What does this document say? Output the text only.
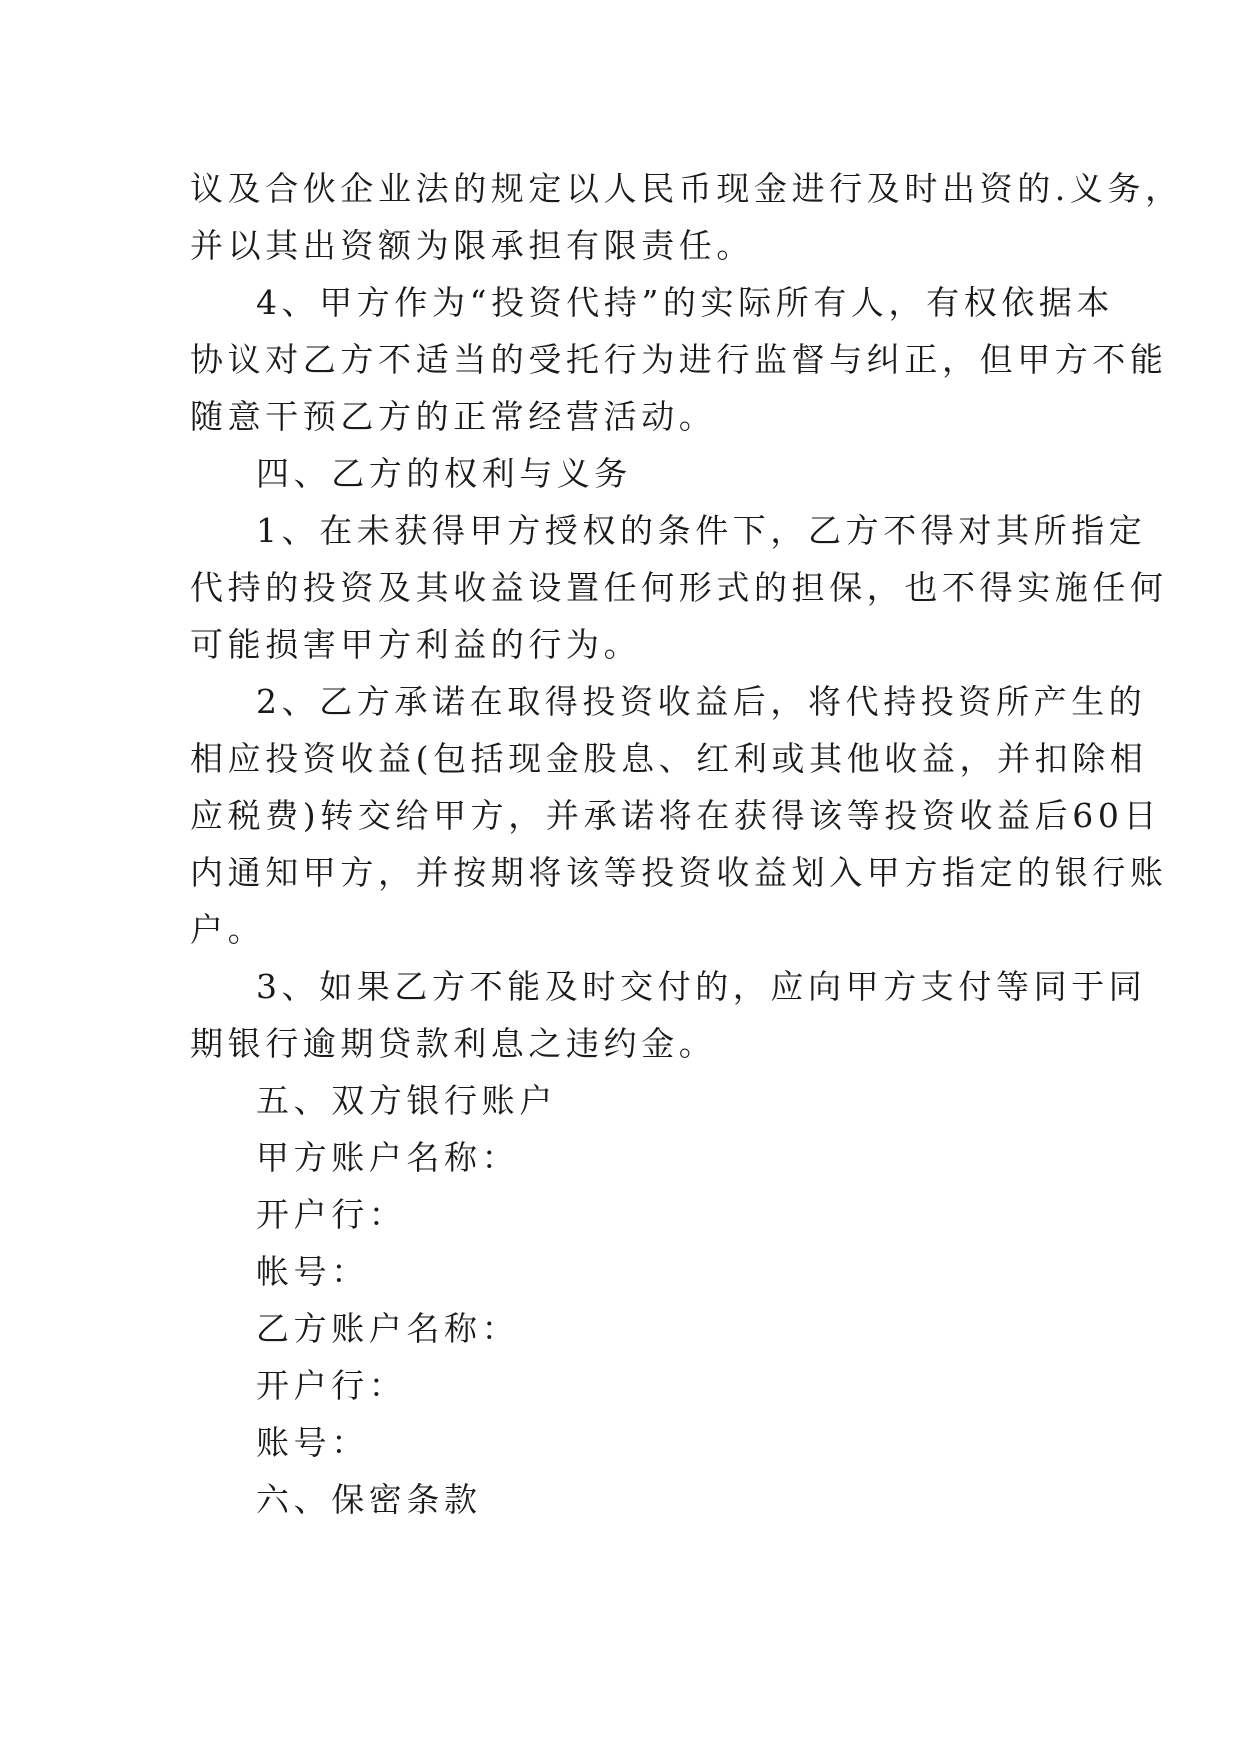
议及合伙企业法的规定以人民币现金进行及时出资的.义务，
并以其出资额为限承担有限责任。
4、甲方作为“投资代持”的实际所有人，有权依据本
协议对乙方不适当的受托行为进行监督与纠正，但甲方不能
随意干预乙方的正常经营活动。
四、乙方的权利与义务
1、在未获得甲方授权的条件下，乙方不得对其所指定
代持的投资及其收益设置任何形式的担保，也不得实施任何
可能损害甲方利益的行为。
2、乙方承诺在取得投资收益后，将代持投资所产生的
相应投资收益(包括现金股息、红利或其他收益，并扣除相
应税费)转交给甲方，并承诺将在获得该等投资收益后60日
内通知甲方，并按期将该等投资收益划入甲方指定的银行账
户。
3、如果乙方不能及时交付的，应向甲方支付等同于同
期银行逾期贷款利息之违约金。
五、双方银行账户
甲方账户名称：
开户行：
帐号：
乙方账户名称：
开户行：
账号：
六、保密条款
